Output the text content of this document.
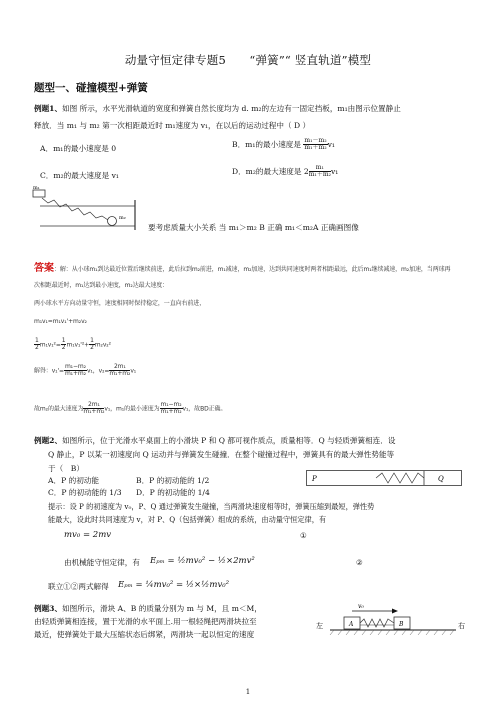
动量守恒定律专题5　　“弹簧”“ 竖直轨道”模型
题型一、碰撞模型+弹簧
例题1、如图 所示，水平光滑轨道的宽度和弹簧自然长度均为 d. m₂的左边有一固定挡板，m₁由图示位置静止
释放．当 m₁ 与 m₂ 第一次相距最近时 m₁速度为 v₁，在以后的运动过程中（ D ）
A．m₁的最小速度是 0	B．m₁的最小速度是 $\frac{\text{m₁－m₂}}{\text{m₁＋m₂}} v_1$
C．m₂的最大速度是 v₁	D．m₂的最大速度是 $2 \frac{\text{m₁}}{\text{m₁＋m₂}} v_1$
m₁
m₂
要考虑质量大小关系 当 m₁＞m₂ B 正确 m₁＜m₂A 正确画图像
答案：解：从小球m₁到达最近位置后继续前进，此后拉到m₂前进，m₁减速，m₂加速，达到共同速度时两者相距最远，此后m₁继续减速，m₂加速，当两球再
次相距最近时，m₁达到最小速度，m₂达最大速度：
两小球水平方向动量守恒，速度相同时保持稳定，一直向右前进，
m₁v₁=m₁v₁'+m₂v₂
$\frac{1}{2} m_1v_1^2= \frac{1}{2} m_1v_1'^2+ \frac{1}{2} m_2v_2^2$
解得：$v_1'= \frac{\text{m₁−m₂}}{\text{m₁+m₂}} v_1$，$v_2= \frac{\text{2m₁}}{\text{m₁+m₂}} v_1$
故m₂的最大速度为 $\frac{\text{2m₁}}{\text{m₁+m₂}} v_1$，m₁的最小速度为 $\frac{\text{m₁−m₂}}{\text{m₁+m₂}} v_1$，故BD正确。
例题2、如图所示，位于光滑水平桌面上的小滑块 P 和 Q 都可视作质点，质量相等．Q 与轻质弹簧相连．设
Q 静止，P 以某一初速度向 Q 运动并与弹簧发生碰撞．在整个碰撞过程中，弹簧具有的最大弹性势能等
于（　B）
A．P 的初动能	B．P 的初动能的 1/2
C．P 的初动能的 1/3 D．P 的初动能的 1/4
P	Q
提示：设 P 的初速度为 v₀，P、Q 通过弹簧发生碰撞，当两滑块速度相等时，弹簧压缩到最短，弹性势
能最大，设此时共同速度为 v，对 P、Q（包括弹簧）组成的系统，由动量守恒定律，有
mv₀ = 2mv	①
由机械能守恒定律，有 Eₚₘ = ½mv₀² − ½×2mv²	②
联立①②两式解得 Eₚₘ = ¼mv₀² = ½×½mv₀²
例题3、如图所示，滑块 A、B 的质量分别为 m 与 M，且 m＜M，
由轻质弹簧相连接，置于光滑的水平面上.用一根轻绳把两滑块拉至
最近，使弹簧处于最大压缩状态后绑紧，两滑块一起以恒定的速度
v₀
A	B
左	右
1
